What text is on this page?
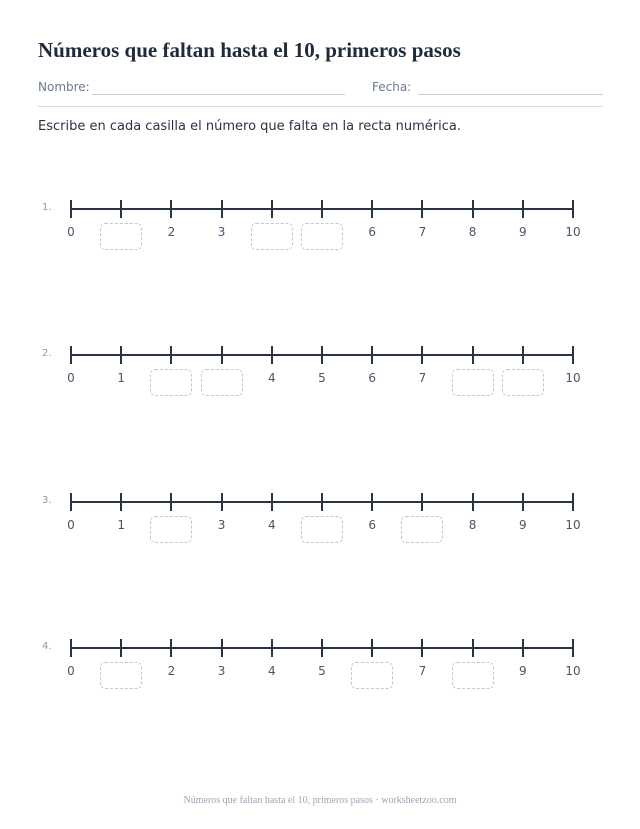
Números que faltan hasta el 10, primeros pasos
Nombre:	Fecha:

Escribe en cada casilla el número que falta en la recta numérica.

1.
0	2	3	6	7	8	9	10
2.
0	1	4	5	6	7	10
3.
0	1	3	4	6	8	9	10
4.
0	2	3	4	5	7	9	10
Números que faltan hasta el 10, primeros pasos · worksheetzoo.com
